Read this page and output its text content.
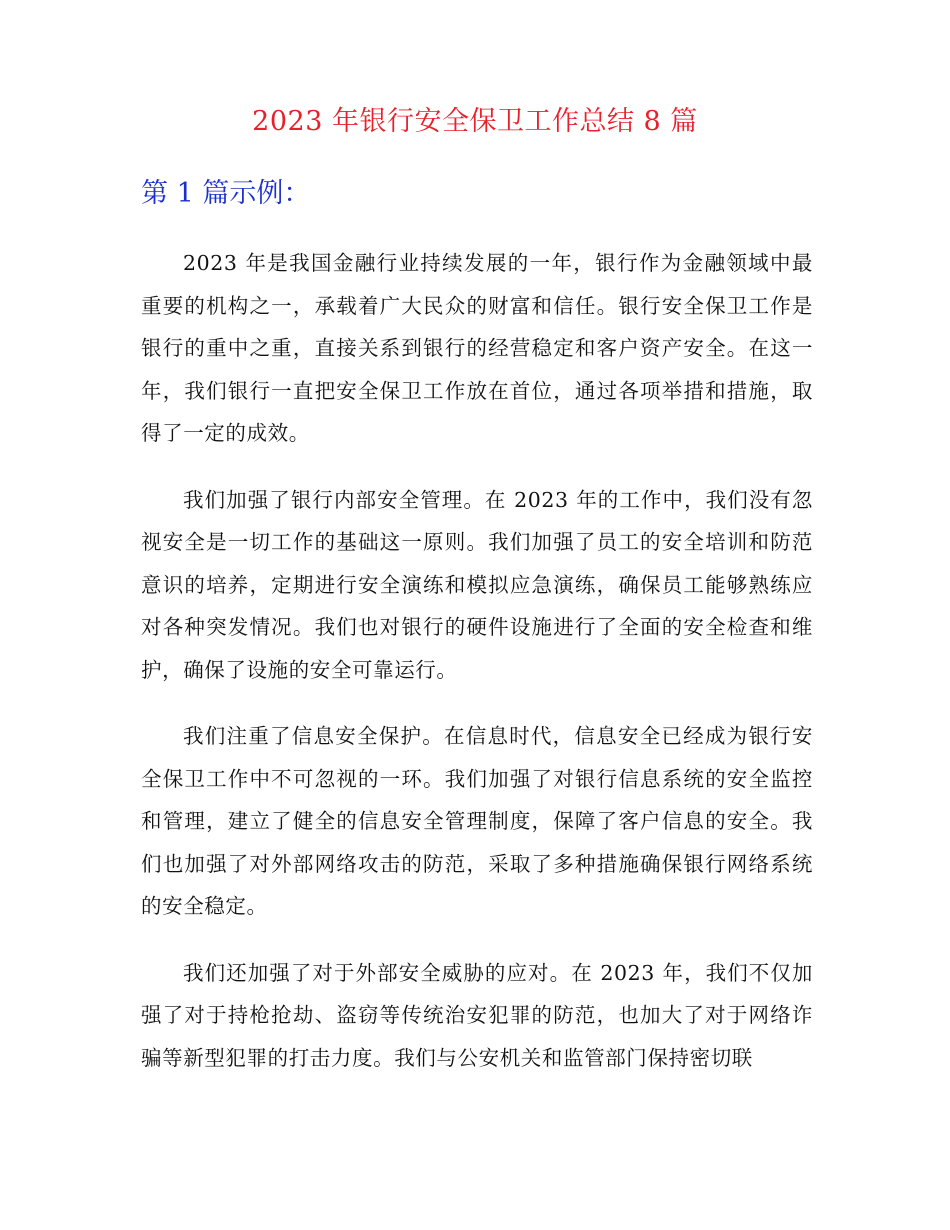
2023 年银行安全保卫工作总结 8 篇
第 1 篇示例：

2023 年是我国金融行业持续发展的一年，银行作为金融领域中最重要的机构之一，承载着广大民众的财富和信任。银行安全保卫工作是银行的重中之重，直接关系到银行的经营稳定和客户资产安全。在这一年，我们银行一直把安全保卫工作放在首位，通过各项举措和措施，取得了一定的成效。

我们加强了银行内部安全管理。在 2023 年的工作中，我们没有忽视安全是一切工作的基础这一原则。我们加强了员工的安全培训和防范意识的培养，定期进行安全演练和模拟应急演练，确保员工能够熟练应对各种突发情况。我们也对银行的硬件设施进行了全面的安全检查和维护，确保了设施的安全可靠运行。

我们注重了信息安全保护。在信息时代，信息安全已经成为银行安全保卫工作中不可忽视的一环。我们加强了对银行信息系统的安全监控和管理，建立了健全的信息安全管理制度，保障了客户信息的安全。我们也加强了对外部网络攻击的防范，采取了多种措施确保银行网络系统的安全稳定。

我们还加强了对于外部安全威胁的应对。在 2023 年，我们不仅加强了对于持枪抢劫、盗窃等传统治安犯罪的防范，也加大了对于网络诈骗等新型犯罪的打击力度。我们与公安机关和监管部门保持密切联
